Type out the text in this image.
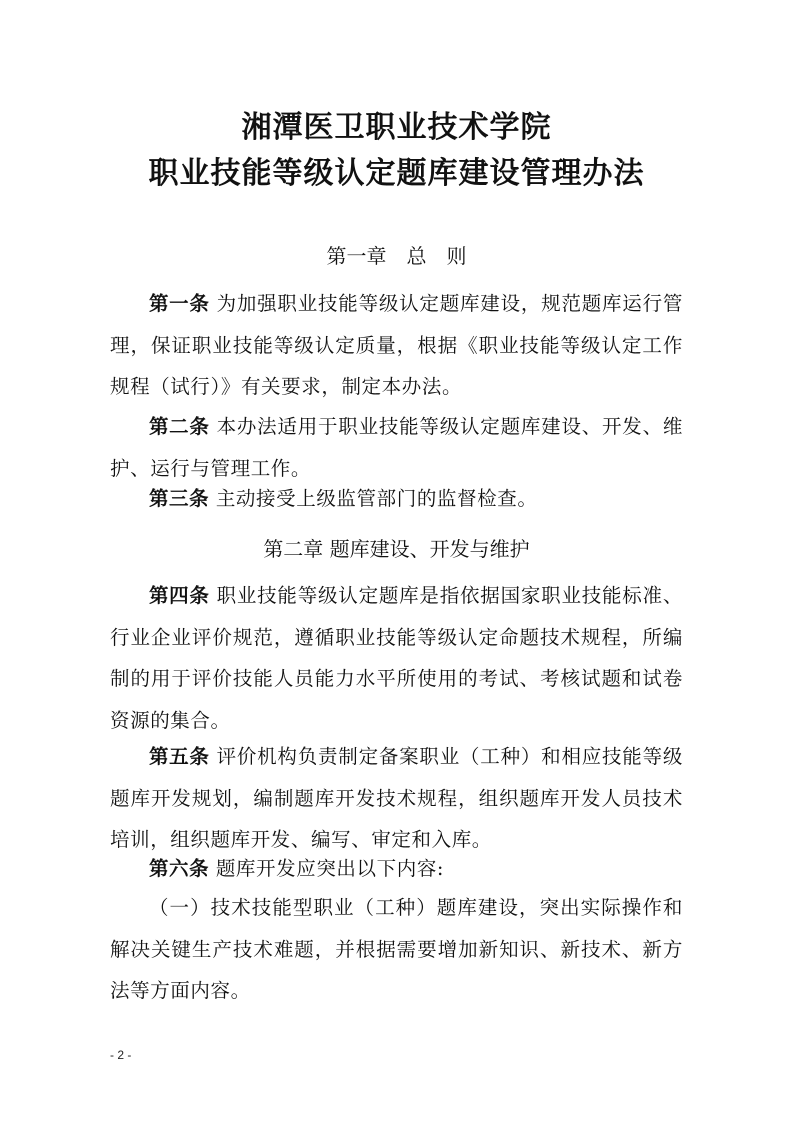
湘潭医卫职业技术学院
职业技能等级认定题库建设管理办法
第一章　总　则

第一条 为加强职业技能等级认定题库建设，规范题库运行管理，保证职业技能等级认定质量，根据《职业技能等级认定工作规程（试行）》有关要求，制定本办法。

第二条 本办法适用于职业技能等级认定题库建设、开发、维护、运行与管理工作。

第三条 主动接受上级监管部门的监督检查。

第二章 题库建设、开发与维护

第四条 职业技能等级认定题库是指依据国家职业技能标准、行业企业评价规范，遵循职业技能等级认定命题技术规程，所编制的用于评价技能人员能力水平所使用的考试、考核试题和试卷资源的集合。

第五条 评价机构负责制定备案职业（工种）和相应技能等级题库开发规划，编制题库开发技术规程，组织题库开发人员技术培训，组织题库开发、编写、审定和入库。

第六条 题库开发应突出以下内容:

（一）技术技能型职业（工种）题库建设，突出实际操作和解决关键生产技术难题，并根据需要增加新知识、新技术、新方法等方面内容。

- 2 -
